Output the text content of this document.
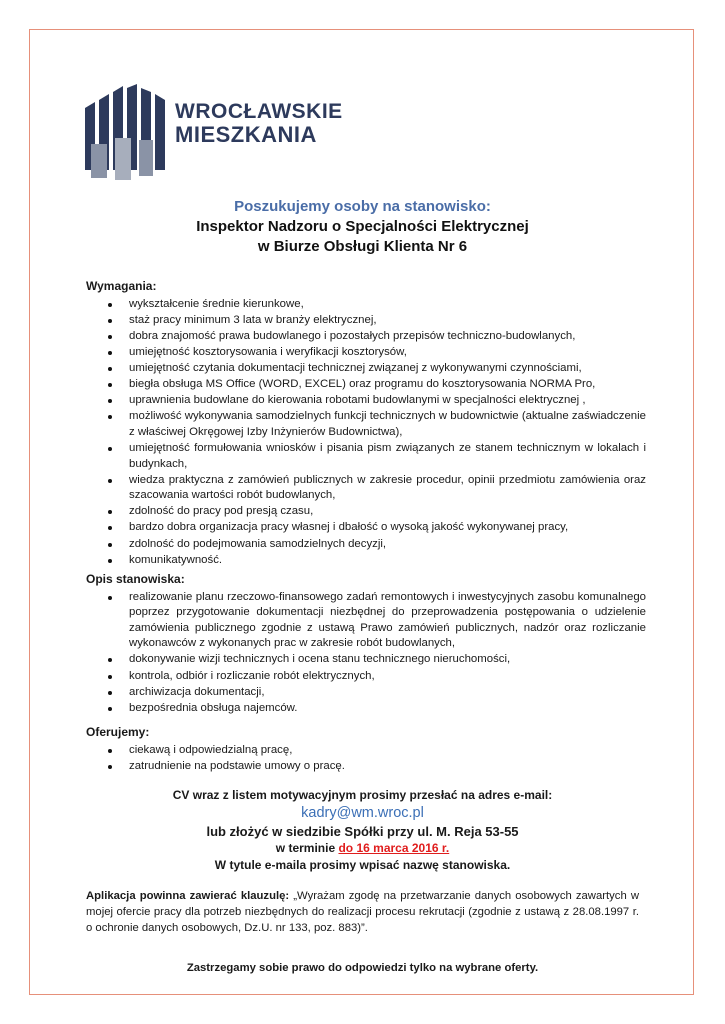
WROCŁAWSKIE
MIESZKANIA
Poszukujemy osoby na stanowisko:
Inspektor Nadzoru o Specjalności Elektrycznej
w Biurze Obsługi Klienta Nr 6
Wymagania:
wykształcenie średnie kierunkowe,
staż pracy minimum 3 lata w branży elektrycznej,
dobra znajomość prawa budowlanego i pozostałych przepisów techniczno-budowlanych,
umiejętność kosztorysowania i weryfikacji kosztorysów,
umiejętność czytania dokumentacji technicznej związanej z wykonywanymi czynnościami,
biegła obsługa MS Office (WORD, EXCEL) oraz programu do kosztorysowania NORMA Pro,
uprawnienia budowlane do kierowania robotami budowlanymi w specjalności elektrycznej ,
możliwość wykonywania samodzielnych funkcji technicznych w budownictwie (aktualne zaświadczenie z właściwej Okręgowej Izby Inżynierów Budownictwa),
umiejętność formułowania wniosków i pisania pism związanych ze stanem technicznym w lokalach i budynkach,
wiedza praktyczna z zamówień publicznych w zakresie procedur, opinii przedmiotu zamówienia oraz szacowania wartości robót budowlanych,
zdolność do pracy pod presją czasu,
bardzo dobra organizacja pracy własnej i dbałość o wysoką jakość wykonywanej pracy,
zdolność do podejmowania samodzielnych decyzji,
komunikatywność.
Opis stanowiska:
realizowanie planu rzeczowo-finansowego zadań remontowych i inwestycyjnych zasobu komunalnego poprzez przygotowanie dokumentacji niezbędnej do przeprowadzenia postępowania o udzielenie zamówienia publicznego zgodnie z ustawą Prawo zamówień publicznych, nadzór oraz rozliczanie wykonawców z wykonanych prac w zakresie robót budowlanych,
dokonywanie wizji technicznych i ocena stanu technicznego nieruchomości,
kontrola, odbiór i rozliczanie robót elektrycznych,
archiwizacja dokumentacji,
bezpośrednia obsługa najemców.
Oferujemy:
ciekawą i odpowiedzialną pracę,
zatrudnienie na podstawie umowy o pracę.
CV wraz z listem motywacyjnym prosimy przesłać na adres e-mail:
kadry@wm.wroc.pl
lub złożyć w siedzibie Spółki przy ul. M. Reja 53-55
w terminie do 16 marca 2016 r.
W tytule e-maila prosimy wpisać nazwę stanowiska.
Aplikacja powinna zawierać klauzulę: „Wyrażam zgodę na przetwarzanie danych osobowych zawartych w mojej ofercie pracy dla potrzeb niezbędnych do realizacji procesu rekrutacji (zgodnie z ustawą z 28.08.1997 r. o ochronie danych osobowych, Dz.U. nr 133, poz. 883)”.
Zastrzegamy sobie prawo do odpowiedzi tylko na wybrane oferty.
